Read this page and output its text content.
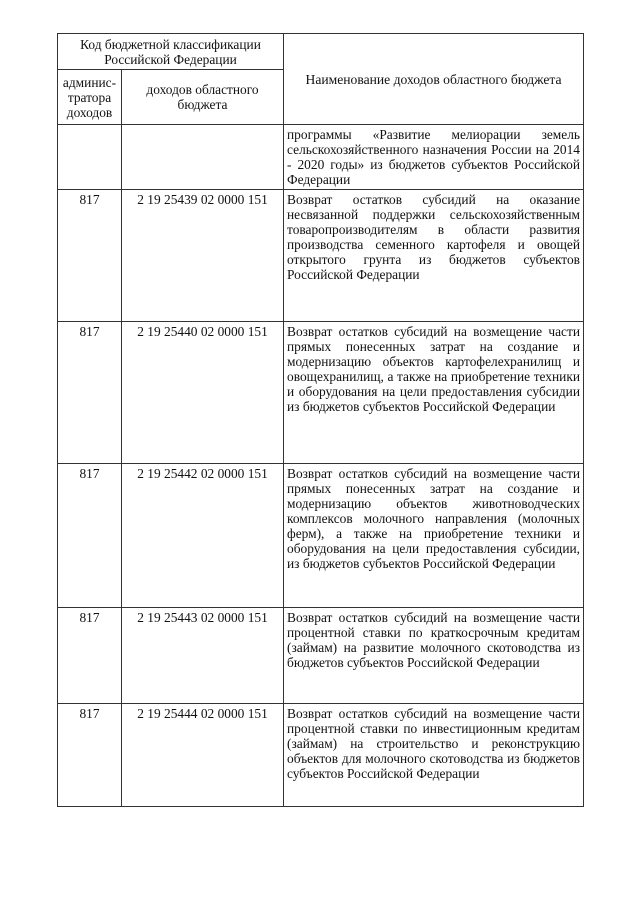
Код бюджетной классификации Российской Федерации		Наименование доходов областного бюджета
админис-тратора доходов	доходов областного бюджета	

		программы «Развитие мелиорации земель сельскохозяйственного назначения России на 2014 - 2020 годы» из бюджетов субъектов Российской Федерации

817	2 19 25439 02 0000 151	Возврат остатков субсидий на оказание несвязанной поддержки сельскохозяйственным товаропроизводителям в области развития производства семенного картофеля и овощей открытого грунта из бюджетов субъектов Российской Федерации

817	2 19 25440 02 0000 151	Возврат остатков субсидий на возмещение части прямых понесенных затрат на создание и модернизацию объектов картофелехранилищ и овощехранилищ, а также на приобретение техники и оборудования на цели предоставления субсидии из бюджетов субъектов Российской Федерации

817	2 19 25442 02 0000 151	Возврат остатков субсидий на возмещение части прямых понесенных затрат на создание и модернизацию объектов животноводческих комплексов молочного направления (молочных ферм), а также на приобретение техники и оборудования на цели предоставления субсидии, из бюджетов субъектов Российской Федерации

817	2 19 25443 02 0000 151	Возврат остатков субсидий на возмещение части процентной ставки по краткосрочным кредитам (займам) на развитие молочного скотоводства из бюджетов субъектов Российской Федерации

817	2 19 25444 02 0000 151	Возврат остатков субсидий на возмещение части процентной ставки по инвестиционным кредитам (займам) на строительство и реконструкцию объектов для молочного скотоводства из бюджетов субъектов Российской Федерации
